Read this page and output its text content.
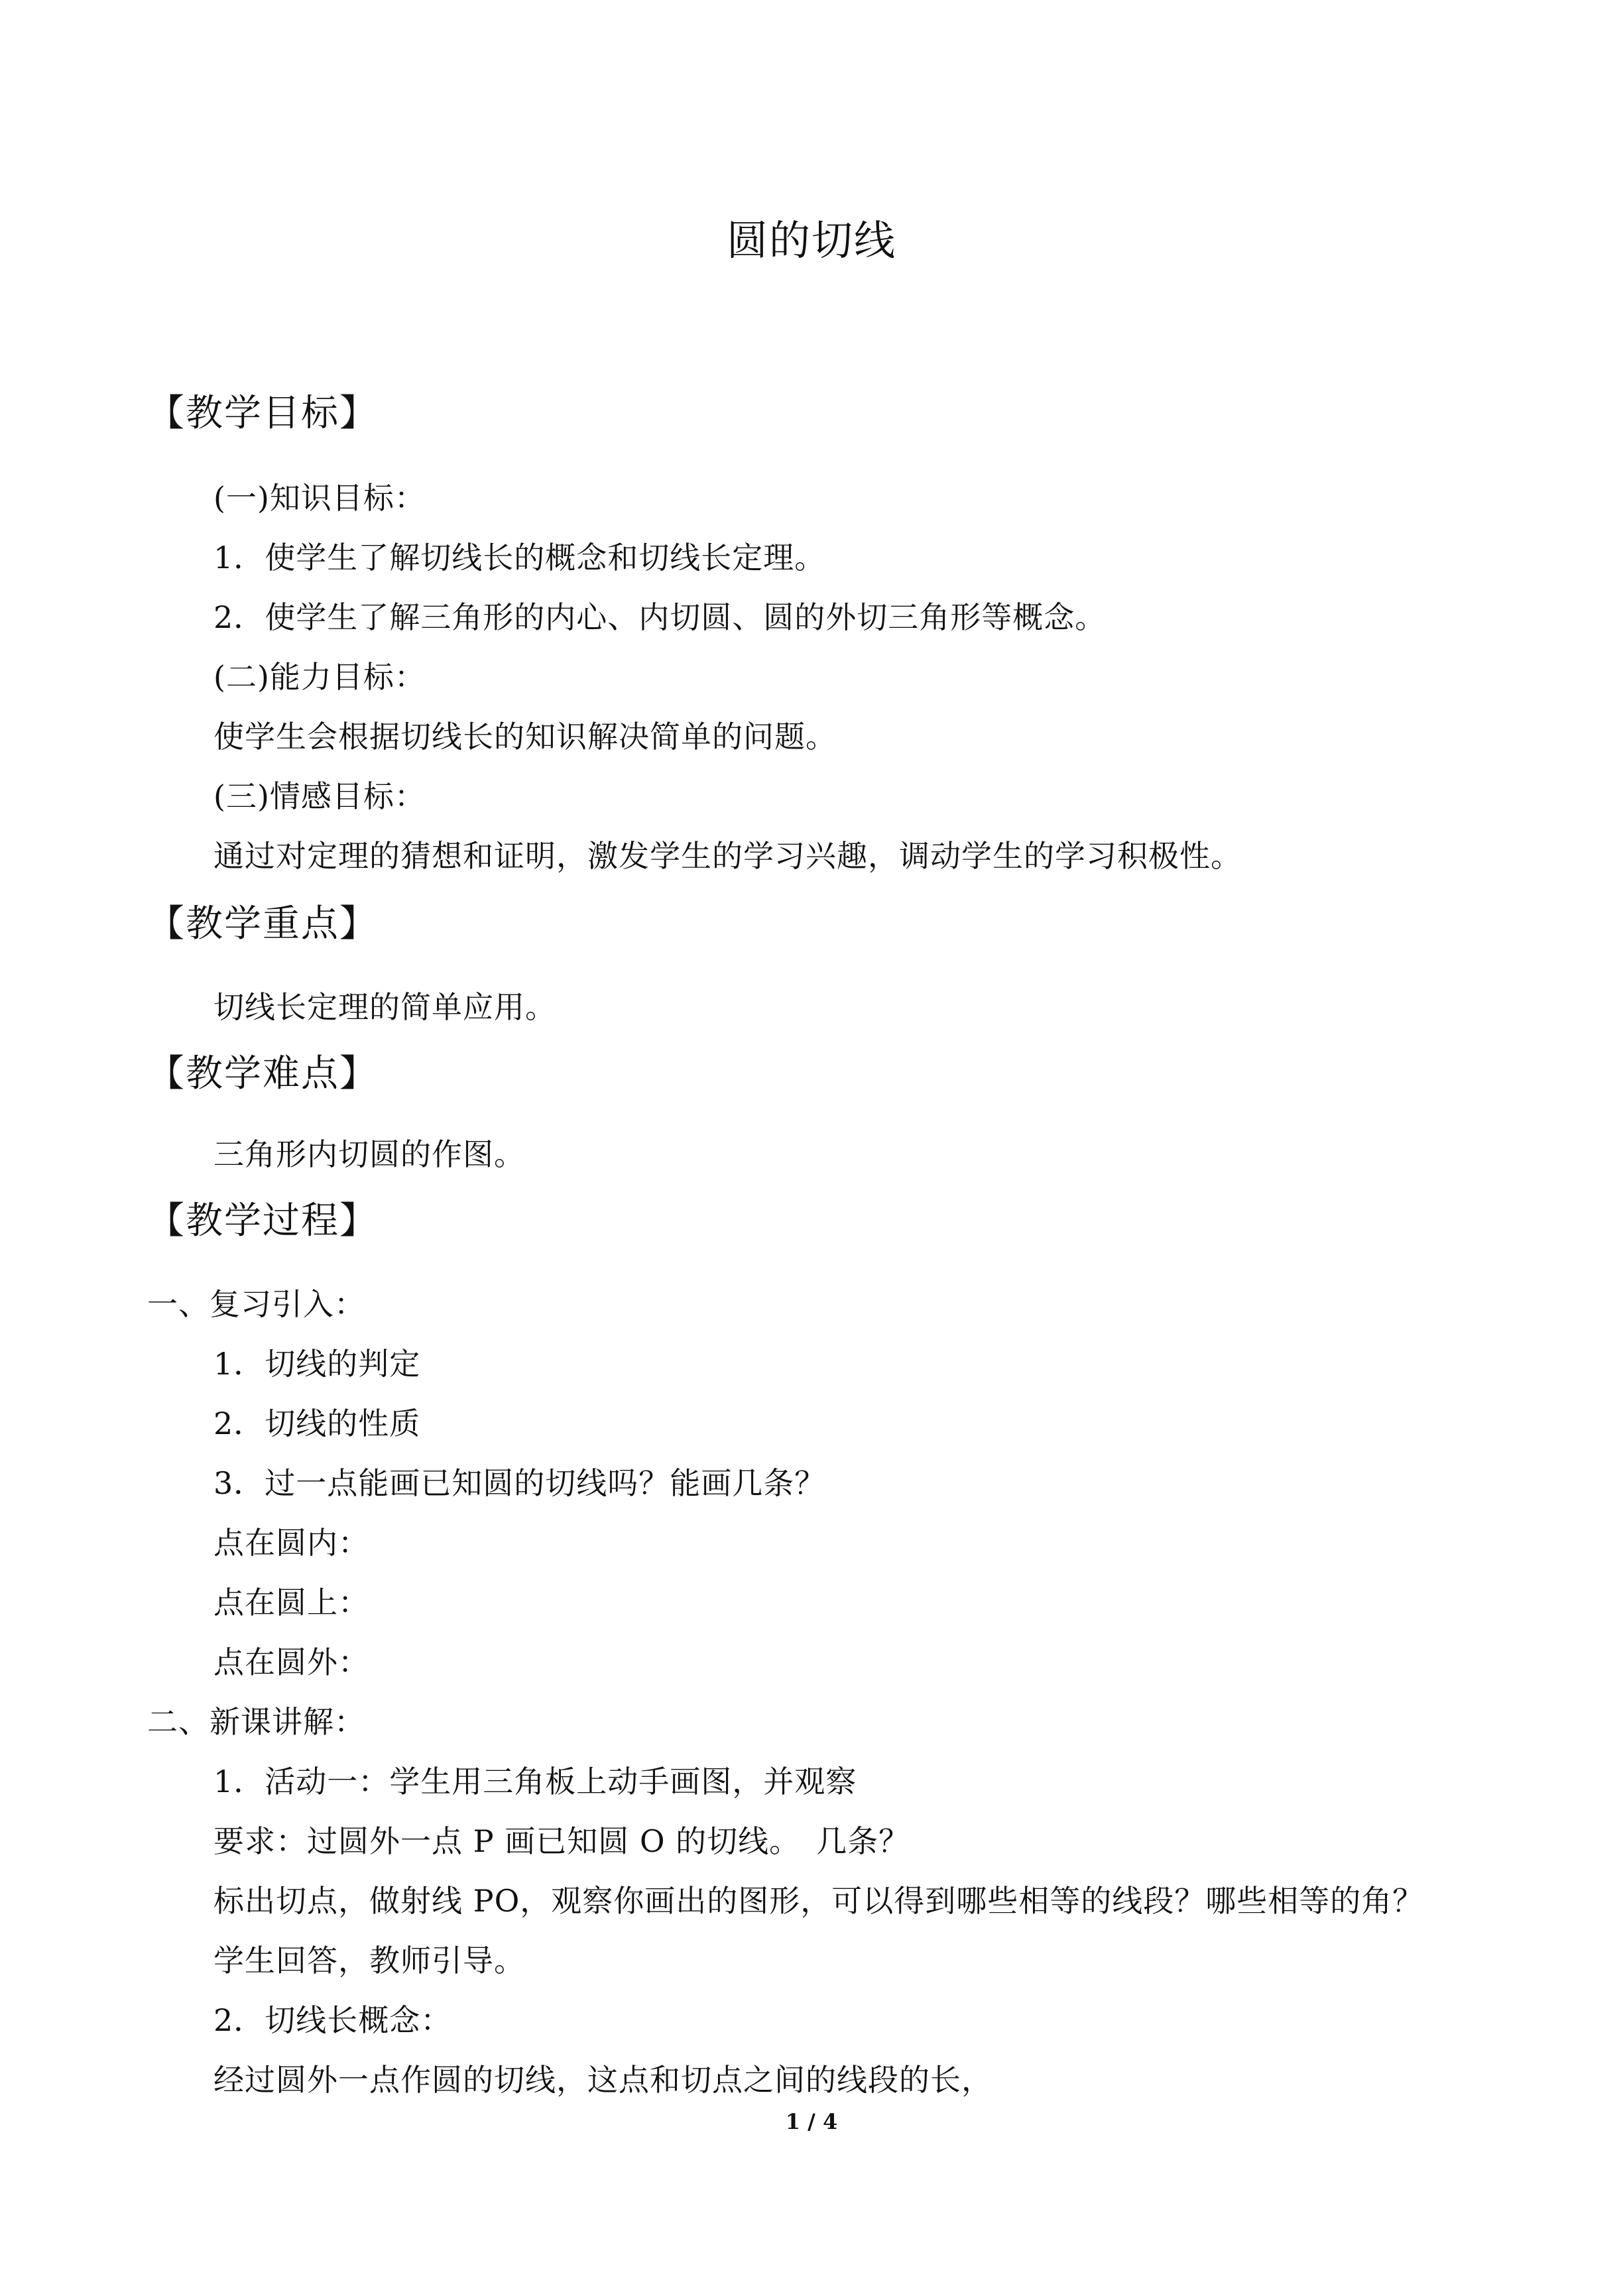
圆的切线
【教学目标】
(一)知识目标：
1．使学生了解切线长的概念和切线长定理。
2．使学生了解三角形的内心、内切圆、圆的外切三角形等概念。
(二)能力目标：
使学生会根据切线长的知识解决简单的问题。
(三)情感目标：
通过对定理的猜想和证明，激发学生的学习兴趣，调动学生的学习积极性。
【教学重点】
切线长定理的简单应用。
【教学难点】
三角形内切圆的作图。
【教学过程】
一、复习引入：
1．切线的判定
2．切线的性质
3．过一点能画已知圆的切线吗？能画几条？
点在圆内：
点在圆上：
点在圆外：
二、新课讲解：
1．活动一：学生用三角板上动手画图，并观察
要求：过圆外一点 P 画已知圆 O 的切线。　几条？
标出切点，做射线 PO，观察你画出的图形，可以得到哪些相等的线段？哪些相等的角？
学生回答，教师引导。
2．切线长概念：
经过圆外一点作圆的切线，这点和切点之间的线段的长，
1 / 4
